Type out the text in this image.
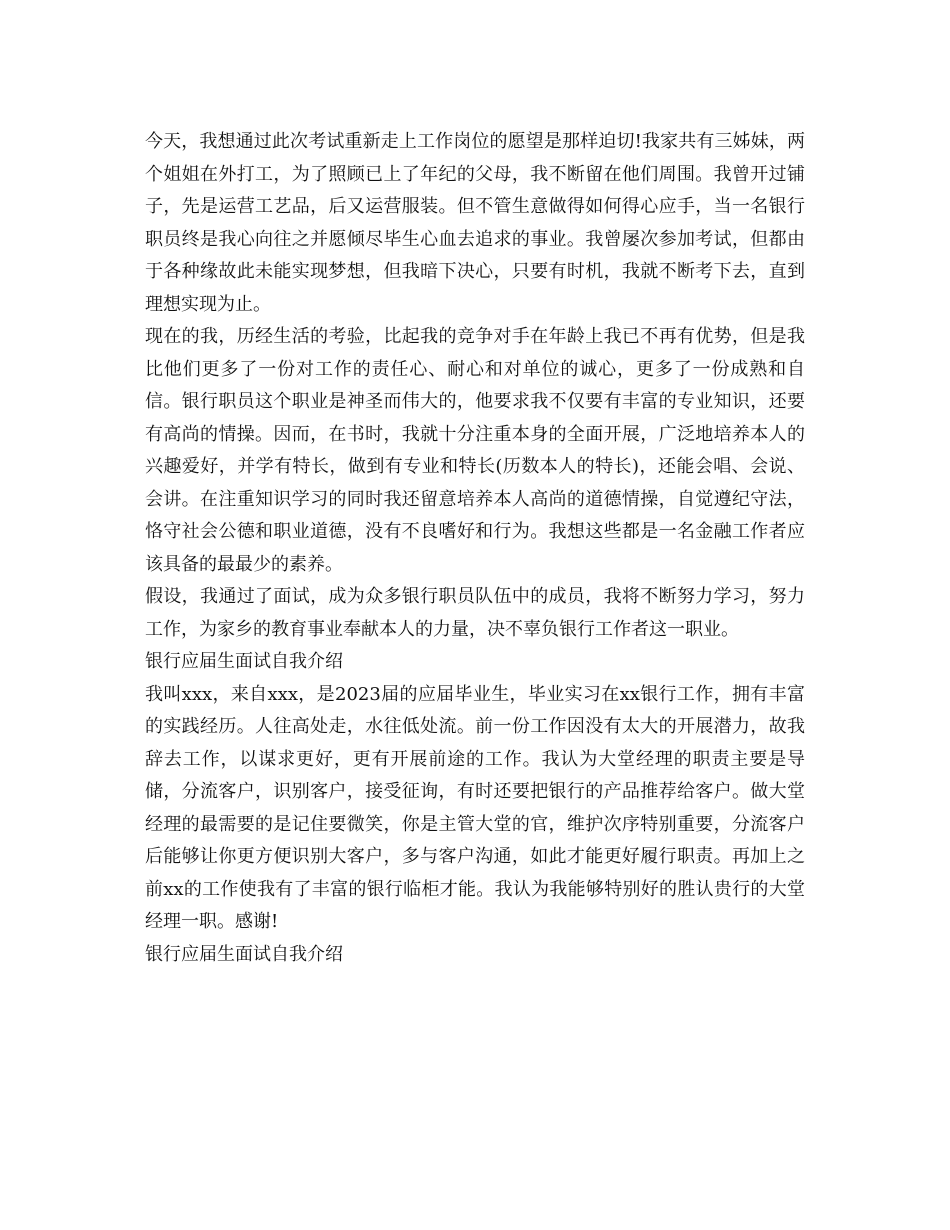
今天，我想通过此次考试重新走上工作岗位的愿望是那样迫切!我家共有三姊妹，两个姐姐在外打工，为了照顾已上了年纪的父母，我不断留在他们周围。我曾开过铺子，先是运营工艺品，后又运营服装。但不管生意做得如何得心应手，当一名银行职员终是我心向往之并愿倾尽毕生心血去追求的事业。我曾屡次参加考试，但都由于各种缘故此未能实现梦想，但我暗下决心，只要有时机，我就不断考下去，直到理想实现为止。

现在的我，历经生活的考验，比起我的竞争对手在年龄上我已不再有优势，但是我比他们更多了一份对工作的责任心、耐心和对单位的诚心，更多了一份成熟和自信。银行职员这个职业是神圣而伟大的，他要求我不仅要有丰富的专业知识，还要有高尚的情操。因而，在书时，我就十分注重本身的全面开展，广泛地培养本人的兴趣爱好，并学有特长，做到有专业和特长(历数本人的特长)，还能会唱、会说、会讲。在注重知识学习的同时我还留意培养本人高尚的道德情操，自觉遵纪守法，恪守社会公德和职业道德，没有不良嗜好和行为。我想这些都是一名金融工作者应该具备的最最少的素养。

假设，我通过了面试，成为众多银行职员队伍中的成员，我将不断努力学习，努力工作，为家乡的教育事业奉献本人的力量，决不辜负银行工作者这一职业。

银行应届生面试自我介绍

我叫xxx，来自xxx，是2023届的应届毕业生，毕业实习在xx银行工作，拥有丰富的实践经历。人往高处走，水往低处流。前一份工作因没有太大的开展潜力，故我辞去工作，以谋求更好，更有开展前途的工作。我认为大堂经理的职责主要是导储，分流客户，识别客户，接受征询，有时还要把银行的产品推荐给客户。做大堂经理的最需要的是记住要微笑，你是主管大堂的官，维护次序特别重要，分流客户后能够让你更方便识别大客户，多与客户沟通，如此才能更好履行职责。再加上之前xx的工作使我有了丰富的银行临柜才能。我认为我能够特别好的胜认贵行的大堂经理一职。感谢!

银行应届生面试自我介绍
